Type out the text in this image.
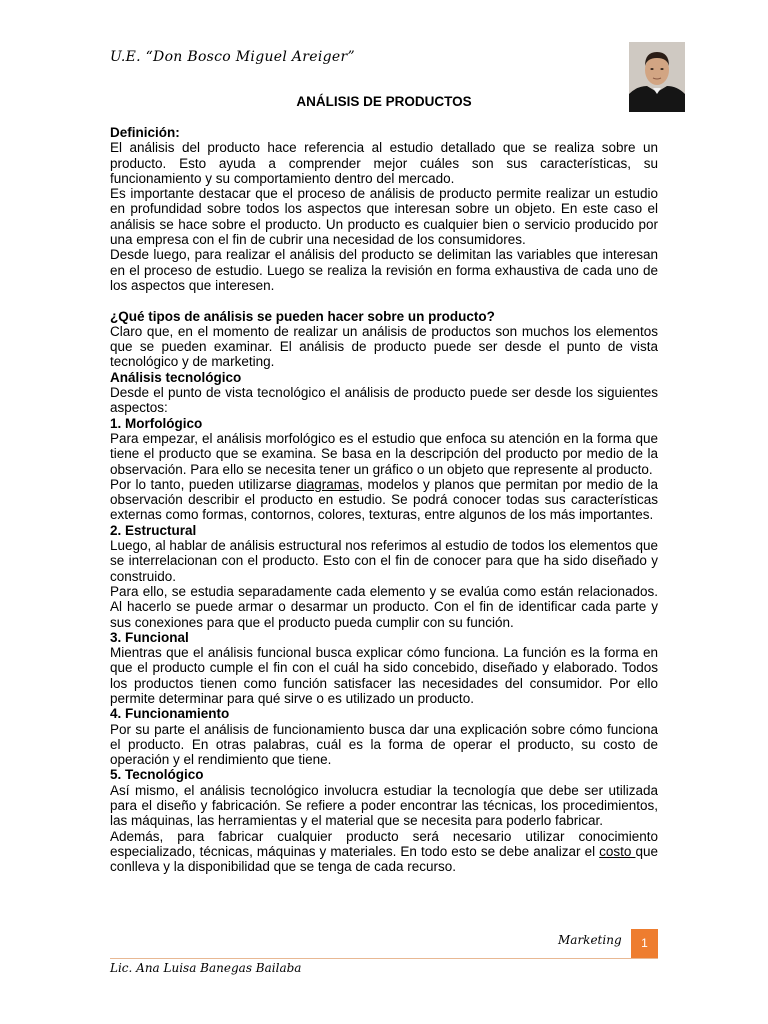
U.E. “Don Bosco Miguel Areiger”
ANÁLISIS DE PRODUCTOS
Definición:

El análisis del producto hace referencia al estudio detallado que se realiza sobre un producto. Esto ayuda a comprender mejor cuáles son sus características, su funcionamiento y su comportamiento dentro del mercado.

Es importante destacar que el proceso de análisis de producto permite realizar un estudio en profundidad sobre todos los aspectos que interesan sobre un objeto. En este caso el análisis se hace sobre el producto. Un producto es cualquier bien o servicio producido por una empresa con el fin de cubrir una necesidad de los consumidores.

Desde luego, para realizar el análisis del producto se delimitan las variables que interesan en el proceso de estudio. Luego se realiza la revisión en forma exhaustiva de cada uno de los aspectos que interesen.

¿Qué tipos de análisis se pueden hacer sobre un producto?

Claro que, en el momento de realizar un análisis de productos son muchos los elementos que se pueden examinar. El análisis de producto puede ser desde el punto de vista tecnológico y de marketing.

Análisis tecnológico

Desde el punto de vista tecnológico el análisis de producto puede ser desde los siguientes aspectos:

1. Morfológico

Para empezar, el análisis morfológico es el estudio que enfoca su atención en la forma que tiene el producto que se examina. Se basa en la descripción del producto por medio de la observación. Para ello se necesita tener un gráfico o un objeto que represente al producto.

Por lo tanto, pueden utilizarse diagramas, modelos y planos que permitan por medio de la observación describir el producto en estudio. Se podrá conocer todas sus características externas como formas, contornos, colores, texturas, entre algunos de los más importantes.

2. Estructural

Luego, al hablar de análisis estructural nos referimos al estudio de todos los elementos que se interrelacionan con el producto. Esto con el fin de conocer para que ha sido diseñado y construido.

Para ello, se estudia separadamente cada elemento y se evalúa como están relacionados. Al hacerlo se puede armar o desarmar un producto. Con el fin de identificar cada parte y sus conexiones para que el producto pueda cumplir con su función.

3. Funcional

Mientras que el análisis funcional busca explicar cómo funciona. La función es la forma en que el producto cumple el fin con el cuál ha sido concebido, diseñado y elaborado. Todos los productos tienen como función satisfacer las necesidades del consumidor. Por ello permite determinar para qué sirve o es utilizado un producto.

4. Funcionamiento

Por su parte el análisis de funcionamiento busca dar una explicación sobre cómo funciona el producto. En otras palabras, cuál es la forma de operar el producto, su costo de operación y el rendimiento que tiene.

5. Tecnológico

Así mismo, el análisis tecnológico involucra estudiar la tecnología que debe ser utilizada para el diseño y fabricación. Se refiere a poder encontrar las técnicas, los procedimientos, las máquinas, las herramientas y el material que se necesita para poderlo fabricar.

Además, para fabricar cualquier producto será necesario utilizar conocimiento especializado, técnicas, máquinas y materiales. En todo esto se debe analizar el costo que conlleva y la disponibilidad que se tenga de cada recurso.

Marketing	1
Lic. Ana Luisa Banegas Bailaba
